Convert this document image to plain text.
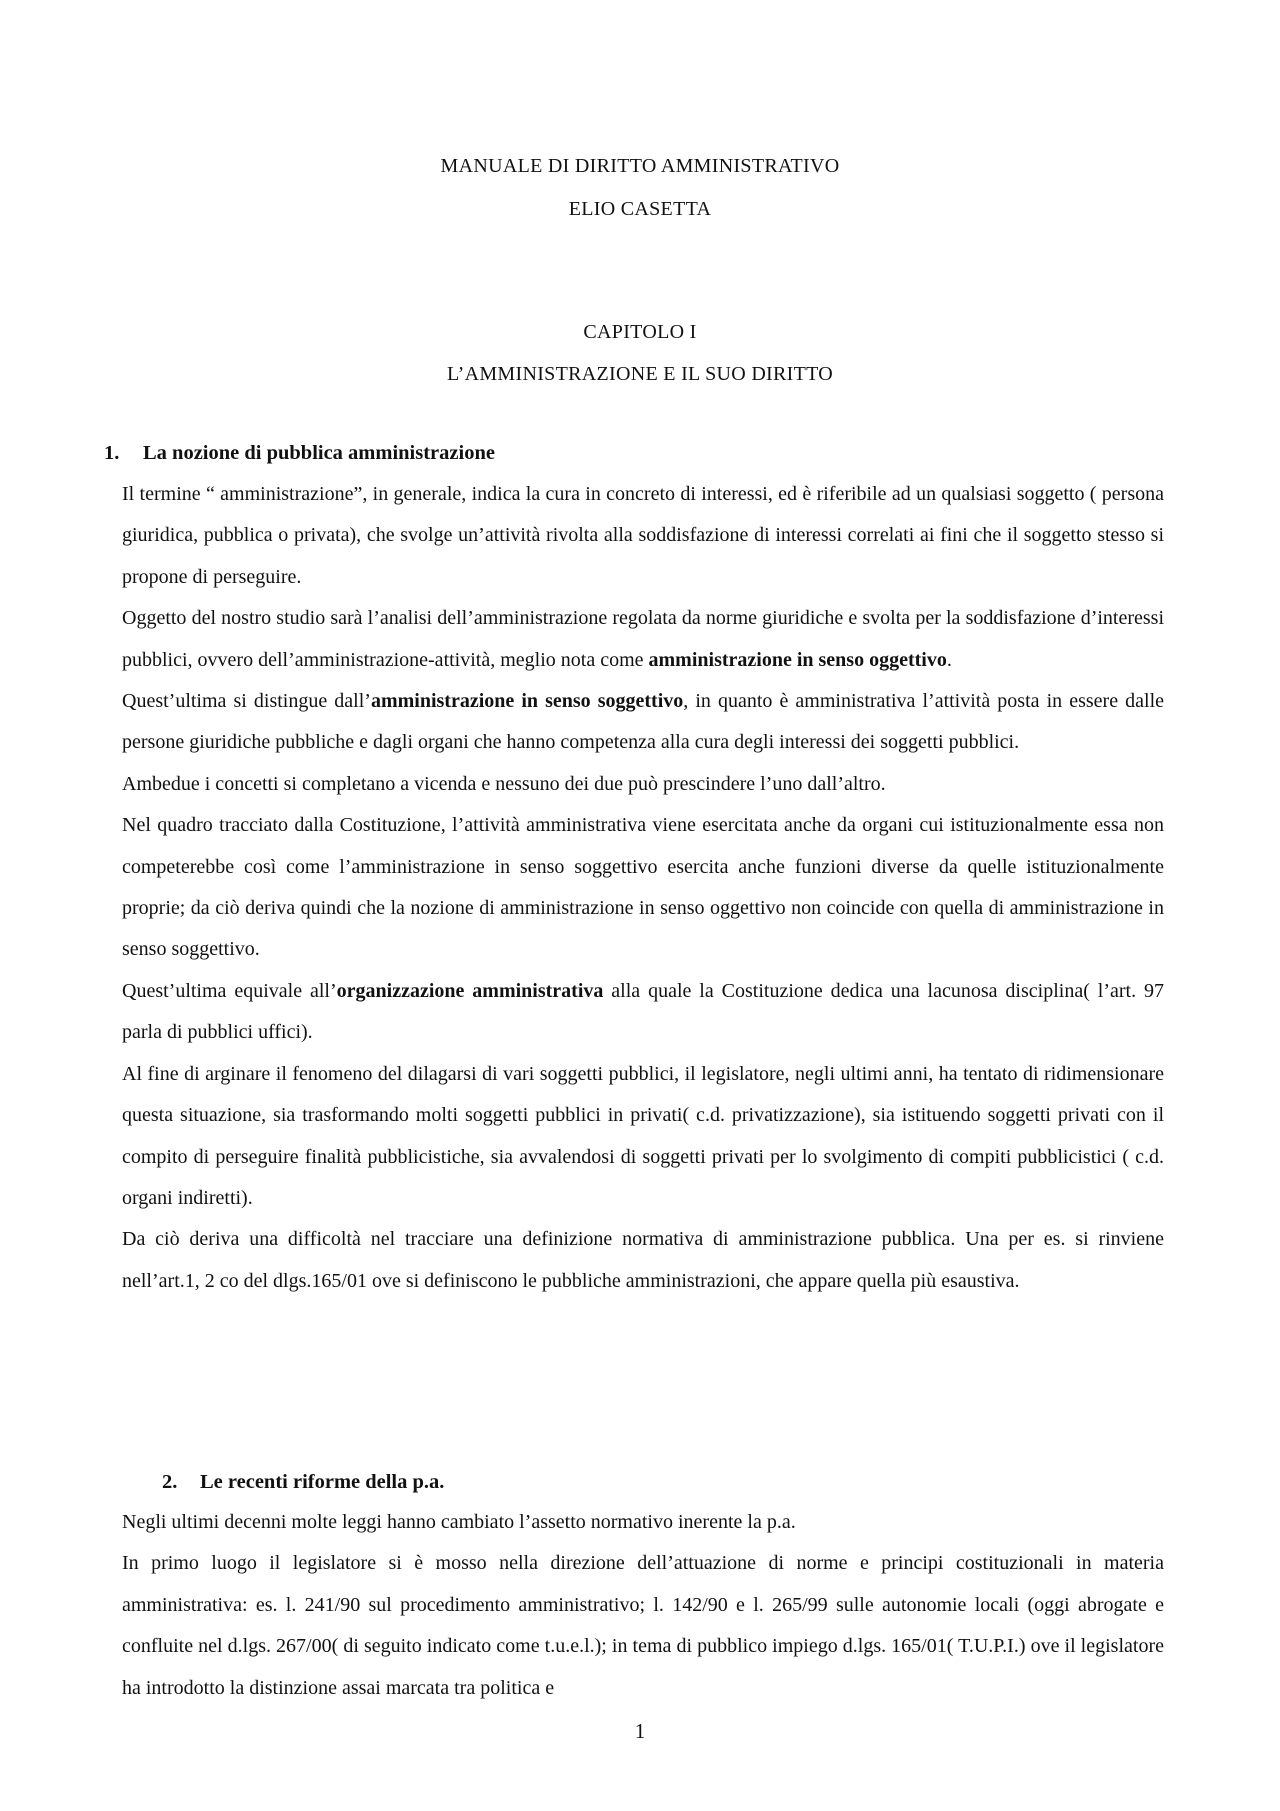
MANUALE DI DIRITTO AMMINISTRATIVO
ELIO CASETTA
CAPITOLO I
L’AMMINISTRAZIONE E IL SUO DIRITTO
1. La nozione di pubblica amministrazione

Il termine “ amministrazione”, in generale, indica la cura in concreto di interessi, ed è riferibile ad un qualsiasi soggetto ( persona giuridica, pubblica o privata), che svolge un’attività rivolta alla soddisfazione di interessi correlati ai fini che il soggetto stesso si propone di perseguire.

Oggetto del nostro studio sarà l’analisi dell’amministrazione regolata da norme giuridiche e svolta per la soddisfazione d’interessi pubblici, ovvero dell’amministrazione-attività, meglio nota come amministrazione in senso oggettivo.

Quest’ultima si distingue dall’amministrazione in senso soggettivo, in quanto è amministrativa l’attività posta in essere dalle persone giuridiche pubbliche e dagli organi che hanno competenza alla cura degli interessi dei soggetti pubblici.

Ambedue i concetti si completano a vicenda e nessuno dei due può prescindere l’uno dall’altro.

Nel quadro tracciato dalla Costituzione, l’attività amministrativa viene esercitata anche da organi cui istituzionalmente essa non competerebbe così come l’amministrazione in senso soggettivo esercita anche funzioni diverse da quelle istituzionalmente proprie; da ciò deriva quindi che la nozione di amministrazione in senso oggettivo non coincide con quella di amministrazione in senso soggettivo.

Quest’ultima equivale all’organizzazione amministrativa alla quale la Costituzione dedica una lacunosa disciplina( l’art. 97 parla di pubblici uffici).

Al fine di arginare il fenomeno del dilagarsi di vari soggetti pubblici, il legislatore, negli ultimi anni, ha tentato di ridimensionare questa situazione, sia trasformando molti soggetti pubblici in privati( c.d. privatizzazione), sia istituendo soggetti privati con il compito di perseguire finalità pubblicistiche, sia avvalendosi di soggetti privati per lo svolgimento di compiti pubblicistici ( c.d. organi indiretti).

Da ciò deriva una difficoltà nel tracciare una definizione normativa di amministrazione pubblica. Una per es. si rinviene nell’art.1, 2 co del dlgs.165/01 ove si definiscono le pubbliche amministrazioni, che appare quella più esaustiva.

2. Le recenti riforme della p.a.

Negli ultimi decenni molte leggi hanno cambiato l’assetto normativo inerente la p.a.

In primo luogo il legislatore si è mosso nella direzione dell’attuazione di norme e principi costituzionali in materia amministrativa: es. l. 241/90 sul procedimento amministrativo; l. 142/90 e l. 265/99 sulle autonomie locali (oggi abrogate e confluite nel d.lgs. 267/00( di seguito indicato come t.u.e.l.); in tema di pubblico impiego d.lgs. 165/01( T.U.P.I.) ove il legislatore ha introdotto la distinzione assai marcata tra politica e

1
